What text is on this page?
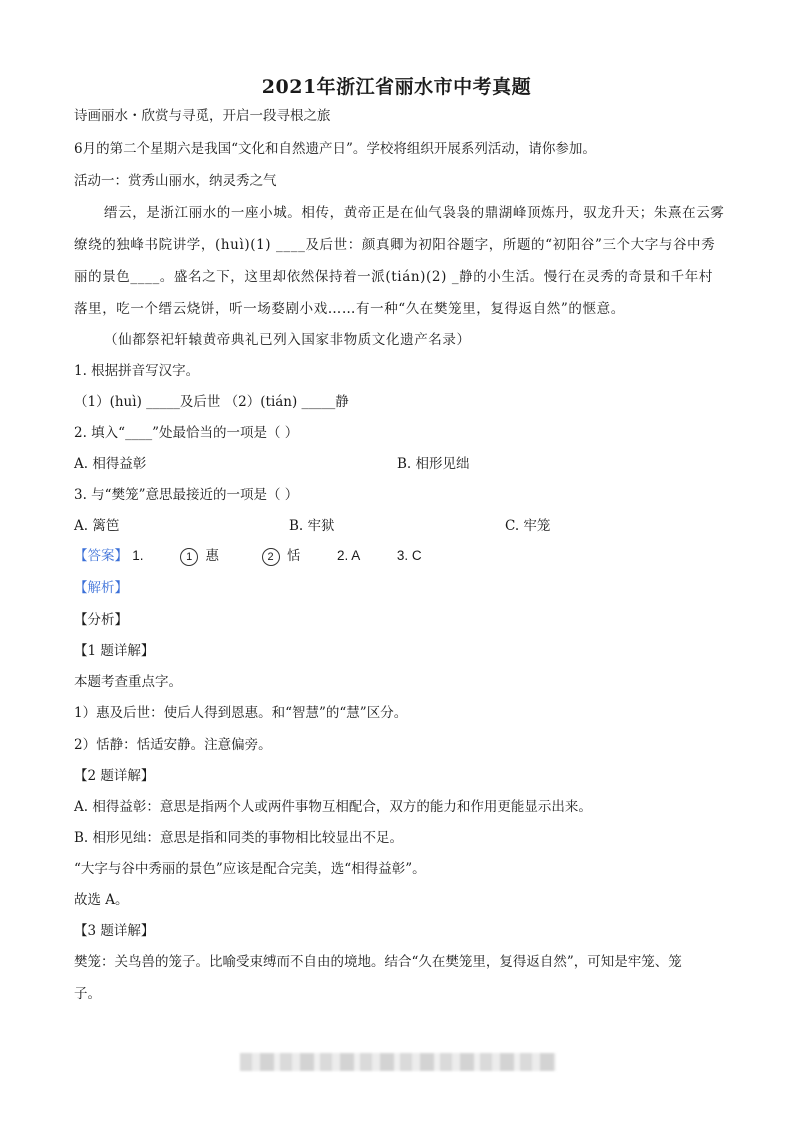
2021年浙江省丽水市中考真题
诗画丽水・欣赏与寻觅，开启一段寻根之旅
6月的第二个星期六是我国“文化和自然遗产日”。学校将组织开展系列活动，请你参加。
活动一：赏秀山丽水，纳灵秀之气
缙云，是浙江丽水的一座小城。相传，黄帝正是在仙气袅袅的鼎湖峰顶炼丹，驭龙升天；朱熹在云雾
缭绕的独峰书院讲学，(huì)(1) ____及后世：颜真卿为初阳谷题字，所题的“初阳谷”三个大字与谷中秀
丽的景色____。盛名之下，这里却依然保持着一派(tián)(2) _静的小生活。慢行在灵秀的奇景和千年村
落里，吃一个缙云烧饼，听一场婺剧小戏……有一种“久在樊笼里，复得返自然”的惬意。
（仙都祭祀轩辕黄帝典礼已列入国家非物质文化遗产名录）
1. 根据拼音写汉字。
（1）(huì) _____及后世 （2）(tián) _____静
2. 填入“____”处最恰当的一项是（ ）
A. 相得益彰	B. 相形见绌
3. 与“樊笼”意思最接近的一项是（ ）
A. 篱笆	B. 牢狱	C. 牢笼
【答案】 1.	1 惠	2 恬	2. A	3. C
【解析】
【分析】
【1 题详解】
本题考查重点字。
1）惠及后世：使后人得到恩惠。和“智慧”的“慧”区分。
2）恬静：恬适安静。注意偏旁。
【2 题详解】
A. 相得益彰：意思是指两个人或两件事物互相配合，双方的能力和作用更能显示出来。
B. 相形见绌：意思是指和同类的事物相比较显出不足。
“大字与谷中秀丽的景色”应该是配合完美，选“相得益彰”。
故选 A。
【3 题详解】
樊笼：关鸟兽的笼子。比喻受束缚而不自由的境地。结合“久在樊笼里，复得返自然”，可知是牢笼、笼
子。
